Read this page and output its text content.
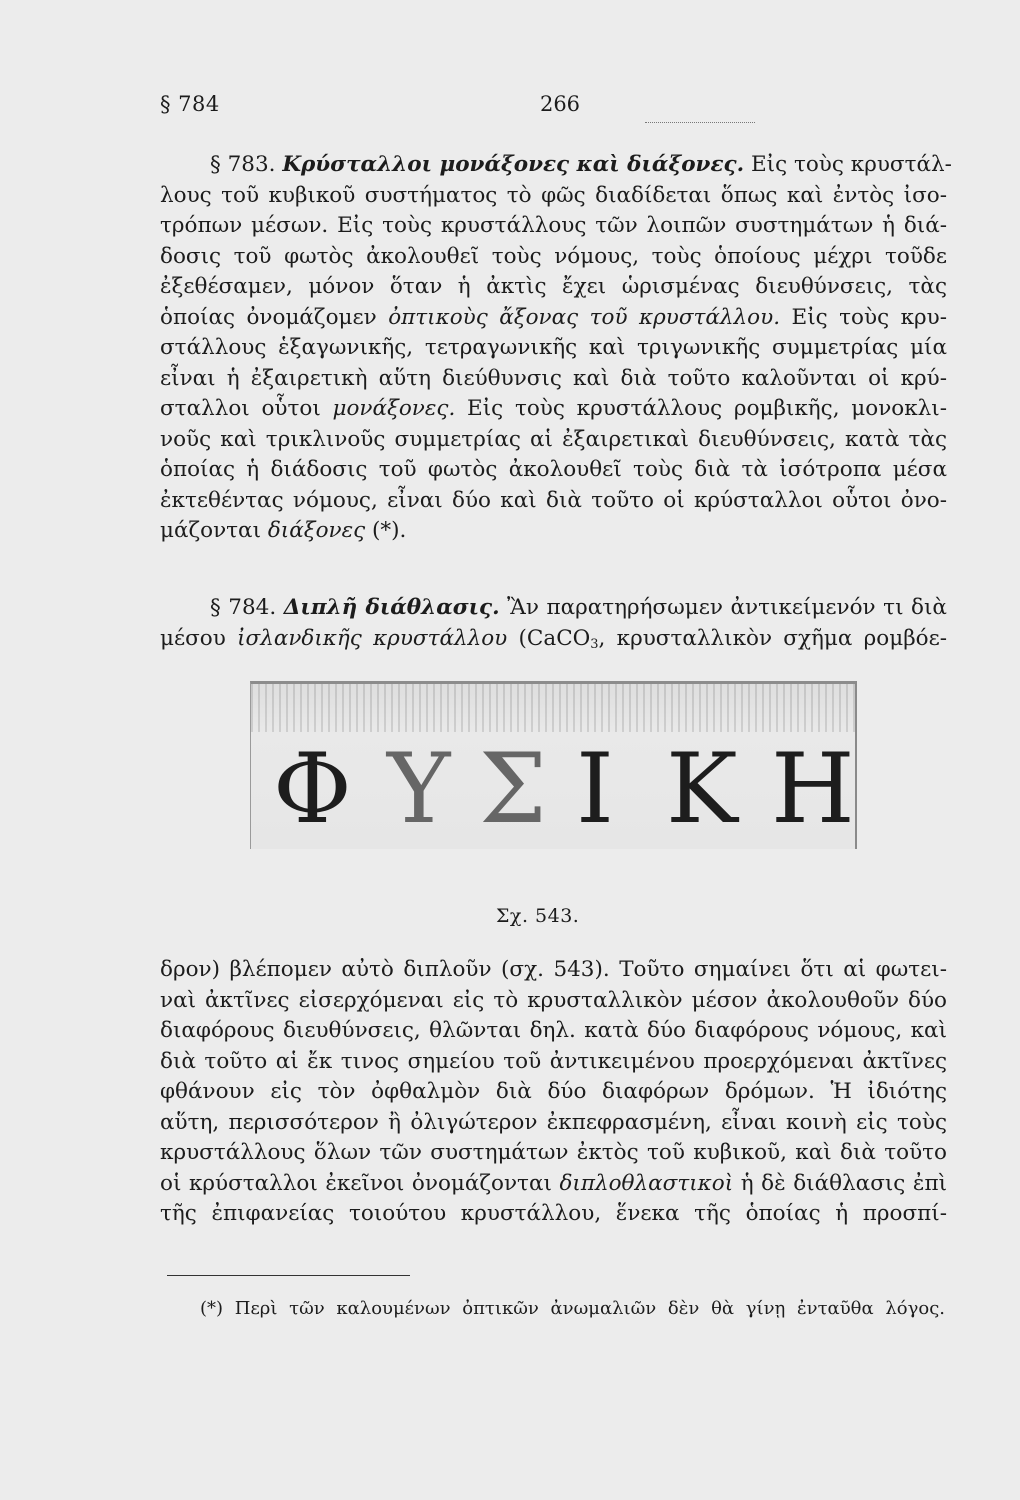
§ 784	266
§ 783. Κρύσταλλοι μονάξονες καὶ διάξονες. Εἰς τοὺς κρυστάλ-
λους τοῦ κυβικοῦ συστήματος τὸ φῶς διαδίδεται ὅπως καὶ ἐντὸς ἰσο-
τρόπων μέσων. Εἰς τοὺς κρυστάλλους τῶν λοιπῶν συστημάτων ἡ διά-
δοσις τοῦ φωτὸς ἀκολουθεῖ τοὺς νόμους, τοὺς ὁποίους μέχρι τοῦδε
ἐξεθέσαμεν, μόνον ὅταν ἡ ἀκτὶς ἔχει ὡρισμένας διευθύνσεις, τὰς
ὁποίας ὀνομάζομεν ὀπτικοὺς ἄξονας τοῦ κρυστάλλου. Εἰς τοὺς κρυ-
στάλλους ἑξαγωνικῆς, τετραγωνικῆς καὶ τριγωνικῆς συμμετρίας μία
εἶναι ἡ ἐξαιρετικὴ αὕτη διεύθυνσις καὶ διὰ τοῦτο καλοῦνται οἱ κρύ-
σταλλοι οὗτοι μονάξονες. Εἰς τοὺς κρυστάλλους ρομβικῆς, μονοκλι-
νοῦς καὶ τρικλινοῦς συμμετρίας αἱ ἐξαιρετικαὶ διευθύνσεις, κατὰ τὰς
ὁποίας ἡ διάδοσις τοῦ φωτὸς ἀκολουθεῖ τοὺς διὰ τὰ ἰσότροπα μέσα
ἐκτεθέντας νόμους, εἶναι δύο καὶ διὰ τοῦτο οἱ κρύσταλλοι οὗτοι ὀνο-
μάζονται διάξονες (*).
§ 784. Διπλῆ διάθλασις. Ἂν παρατηρήσωμεν ἀντικείμενόν τι διὰ
μέσου ἰσλανδικῆς κρυστάλλου (CaCO$_3$, κρυσταλλικὸν σχῆμα ρομβόε-
Φ Υ Σ Ι Κ Η
Σχ. 543.
δρον) βλέπομεν αὐτὸ διπλοῦν (σχ. 543). Τοῦτο σημαίνει ὅτι αἱ φωτει-
ναὶ ἀκτῖνες εἰσερχόμεναι εἰς τὸ κρυσταλλικὸν μέσον ἀκολουθοῦν δύο
διαφόρους διευθύνσεις, θλῶνται δηλ. κατὰ δύο διαφόρους νόμους, καὶ
διὰ τοῦτο αἱ ἔκ τινος σημείου τοῦ ἀντικειμένου προερχόμεναι ἀκτῖνες
φθάνουν εἰς τὸν ὀφθαλμὸν διὰ δύο διαφόρων δρόμων. Ἡ ἰδιότης
αὕτη, περισσότερον ἢ ὀλιγώτερον ἐκπεφρασμένη, εἶναι κοινὴ εἰς τοὺς
κρυστάλλους ὅλων τῶν συστημάτων ἐκτὸς τοῦ κυβικοῦ, καὶ διὰ τοῦτο
οἱ κρύσταλλοι ἐκεῖνοι ὀνομάζονται διπλοθλαστικοὶ ἡ δὲ διάθλασις ἐπὶ
τῆς ἐπιφανείας τοιούτου κρυστάλλου, ἕνεκα τῆς ὁποίας ἡ προσπί-
(*) Περὶ τῶν καλουμένων ὀπτικῶν ἀνωμαλιῶν δὲν θὰ γίνῃ ἐνταῦθα λόγος.
